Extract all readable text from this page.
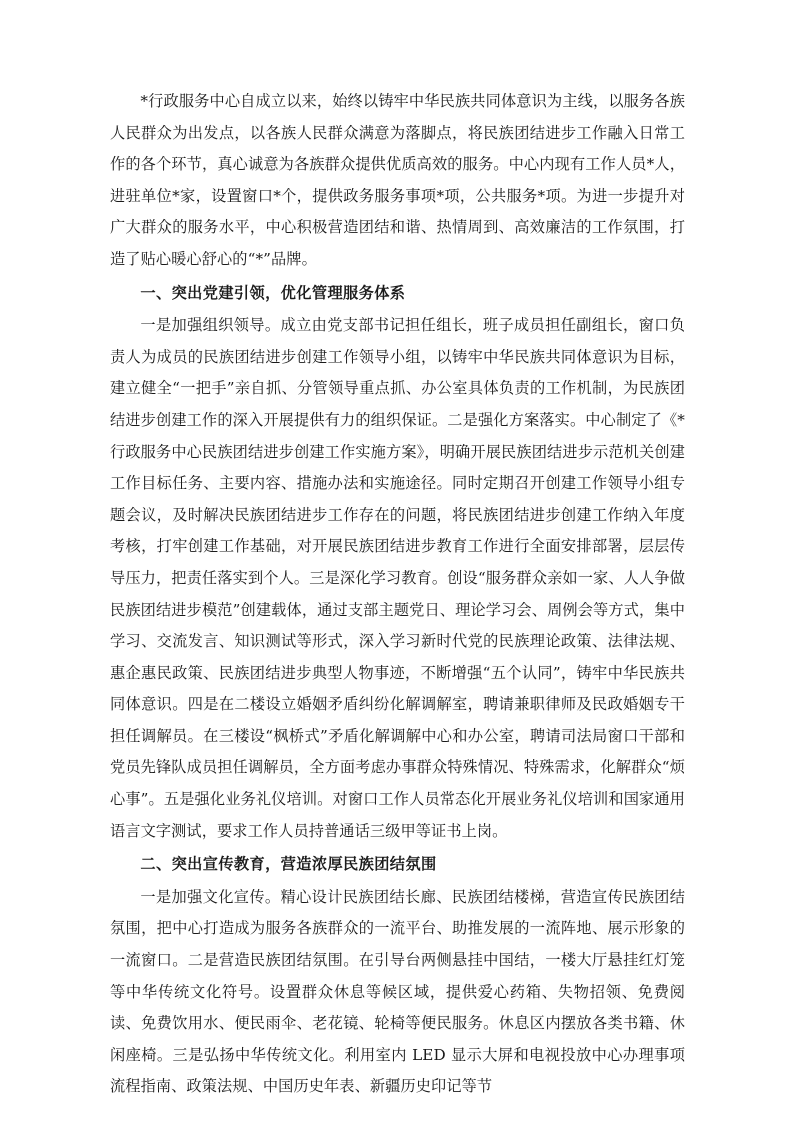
*行政服务中心自成立以来，始终以铸牢中华民族共同体意识为主线，以服务各族人民群众为出发点，以各族人民群众满意为落脚点，将民族团结进步工作融入日常工作的各个环节，真心诚意为各族群众提供优质高效的服务。中心内现有工作人员*人，进驻单位*家，设置窗口*个，提供政务服务事项*项，公共服务*项。为进一步提升对广大群众的服务水平，中心积极营造团结和谐、热情周到、高效廉洁的工作氛围，打造了贴心暖心舒心的“*”品牌。

一、突出党建引领，优化管理服务体系

一是加强组织领导。成立由党支部书记担任组长，班子成员担任副组长，窗口负责人为成员的民族团结进步创建工作领导小组，以铸牢中华民族共同体意识为目标，建立健全“一把手”亲自抓、分管领导重点抓、办公室具体负责的工作机制，为民族团结进步创建工作的深入开展提供有力的组织保证。二是强化方案落实。中心制定了《*行政服务中心民族团结进步创建工作实施方案》，明确开展民族团结进步示范机关创建工作目标任务、主要内容、措施办法和实施途径。同时定期召开创建工作领导小组专题会议，及时解决民族团结进步工作存在的问题，将民族团结进步创建工作纳入年度考核，打牢创建工作基础，对开展民族团结进步教育工作进行全面安排部署，层层传导压力，把责任落实到个人。三是深化学习教育。创设“服务群众亲如一家、人人争做民族团结进步模范”创建载体，通过支部主题党日、理论学习会、周例会等方式，集中学习、交流发言、知识测试等形式，深入学习新时代党的民族理论政策、法律法规、惠企惠民政策、民族团结进步典型人物事迹，不断增强“五个认同”，铸牢中华民族共同体意识。四是在二楼设立婚姻矛盾纠纷化解调解室，聘请兼职律师及民政婚姻专干担任调解员。在三楼设“枫桥式”矛盾化解调解中心和办公室，聘请司法局窗口干部和党员先锋队成员担任调解员，全方面考虑办事群众特殊情况、特殊需求，化解群众“烦心事”。五是强化业务礼仪培训。对窗口工作人员常态化开展业务礼仪培训和国家通用语言文字测试，要求工作人员持普通话三级甲等证书上岗。

二、突出宣传教育，营造浓厚民族团结氛围

一是加强文化宣传。精心设计民族团结长廊、民族团结楼梯，营造宣传民族团结氛围，把中心打造成为服务各族群众的一流平台、助推发展的一流阵地、展示形象的一流窗口。二是营造民族团结氛围。在引导台两侧悬挂中国结，一楼大厅悬挂红灯笼等中华传统文化符号。设置群众休息等候区域，提供爱心药箱、失物招领、免费阅读、免费饮用水、便民雨伞、老花镜、轮椅等便民服务。休息区内摆放各类书籍、休闲座椅。三是弘扬中华传统文化。利用室内 LED 显示大屏和电视投放中心办理事项流程指南、政策法规、中国历史年表、新疆历史印记等节
